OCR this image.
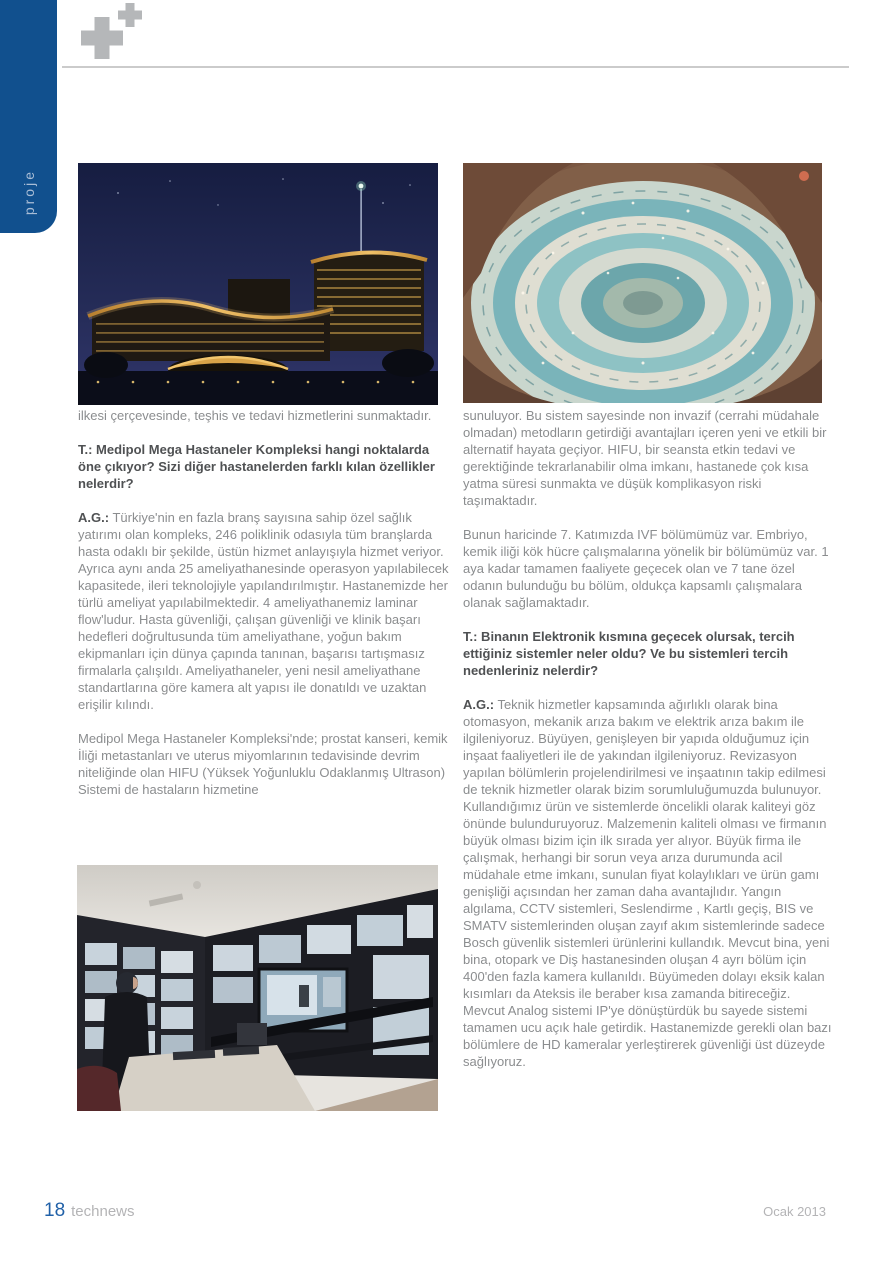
proje

ilkesi çerçevesinde, teşhis ve tedavi hizmetlerini sunmaktadır.

T.: Medipol Mega Hastaneler Kompleksi hangi noktalarda öne çıkıyor? Sizi diğer hastanelerden farklı kılan özellikler nelerdir?

A.G.: Türkiye'nin en fazla branş sayısına sahip özel sağlık yatırımı olan kompleks, 246 poliklinik odasıyla tüm branşlarda hasta odaklı bir şekilde, üstün hizmet anlayışıyla hizmet veriyor. Ayrıca aynı anda 25 ameliyathanesinde operasyon yapılabilecek kapasitede, ileri teknolojiyle yapılandırılmıştır. Hastanemizde her türlü ameliyat yapılabilmektedir. 4 ameliyathanemiz laminar flow'ludur. Hasta güvenliği, çalışan güvenliği ve klinik başarı hedefleri doğrultusunda tüm ameliyathane, yoğun bakım ekipmanları için dünya çapında tanınan, başarısı tartışmasız firmalarla çalışıldı. Ameliyathaneler, yeni nesil ameliyathane standartlarına göre kamera alt yapısı ile donatıldı ve uzaktan erişilir kılındı.

Medipol Mega Hastaneler Kompleksi'nde; prostat kanseri, kemik İliği metastanları ve uterus miyomlarının tedavisinde devrim niteliğinde olan HIFU (Yüksek Yoğunluklu Odaklanmış Ultrason) Sistemi de hastaların hizmetine

sunuluyor. Bu sistem sayesinde non invazif (cerrahi müdahale olmadan) metodların getirdiği avantajları içeren yeni ve etkili bir alternatif hayata geçiyor. HIFU, bir seansta etkin tedavi ve gerektiğinde tekrarlanabilir olma imkanı, hastanede çok kısa yatma süresi sunmakta ve düşük komplikasyon riski taşımaktadır.

Bunun haricinde 7. Katımızda IVF bölümümüz var. Embriyo, kemik iliği kök hücre çalışmalarına yönelik bir bölümümüz var. 1 aya kadar tamamen faaliyete geçecek olan ve 7 tane özel odanın bulunduğu bu bölüm, oldukça kapsamlı çalışmalara olanak sağlamaktadır.

T.: Binanın Elektronik kısmına geçecek olursak, tercih ettiğiniz sistemler neler oldu? Ve bu sistemleri tercih nedenleriniz nelerdir?

A.G.: Teknik hizmetler kapsamında ağırlıklı olarak bina otomasyon, mekanik arıza bakım ve elektrik arıza bakım ile ilgileniyoruz. Büyüyen, genişleyen bir yapıda olduğumuz için inşaat faaliyetleri ile de yakından ilgileniyoruz. Revizasyon yapılan bölümlerin projelendirilmesi ve inşaatının takip edilmesi de teknik hizmetler olarak bizim sorumluluğumuzda bulunuyor. Kullandığımız ürün ve sistemlerde öncelikli olarak kaliteyi göz önünde bulunduruyoruz. Malzemenin kaliteli olması ve firmanın büyük olması bizim için ilk sırada yer alıyor. Büyük firma ile çalışmak, herhangi bir sorun veya arıza durumunda acil müdahale etme imkanı, sunulan fiyat kolaylıkları ve ürün gamı genişliği açısından her zaman daha avantajlıdır. Yangın algılama, CCTV sistemleri, Seslendirme , Kartlı geçiş, BIS ve SMATV sistemlerinden oluşan zayıf akım sistemlerinde sadece Bosch güvenlik sistemleri ürünlerini kullandık. Mevcut bina, yeni bina, otopark ve Diş hastanesinden oluşan 4 ayrı bölüm için 400'den fazla kamera kullanıldı. Büyümeden dolayı eksik kalan kısımları da Ateksis ile beraber kısa zamanda bitireceğiz. Mevcut Analog sistemi IP'ye dönüştürdük bu sayede sistemi tamamen ucu açık hale getirdik. Hastanemizde gerekli olan bazı bölümlere de HD kameralar yerleştirerek güvenliği üst düzeyde sağlıyoruz.

18 technews	Ocak 2013
